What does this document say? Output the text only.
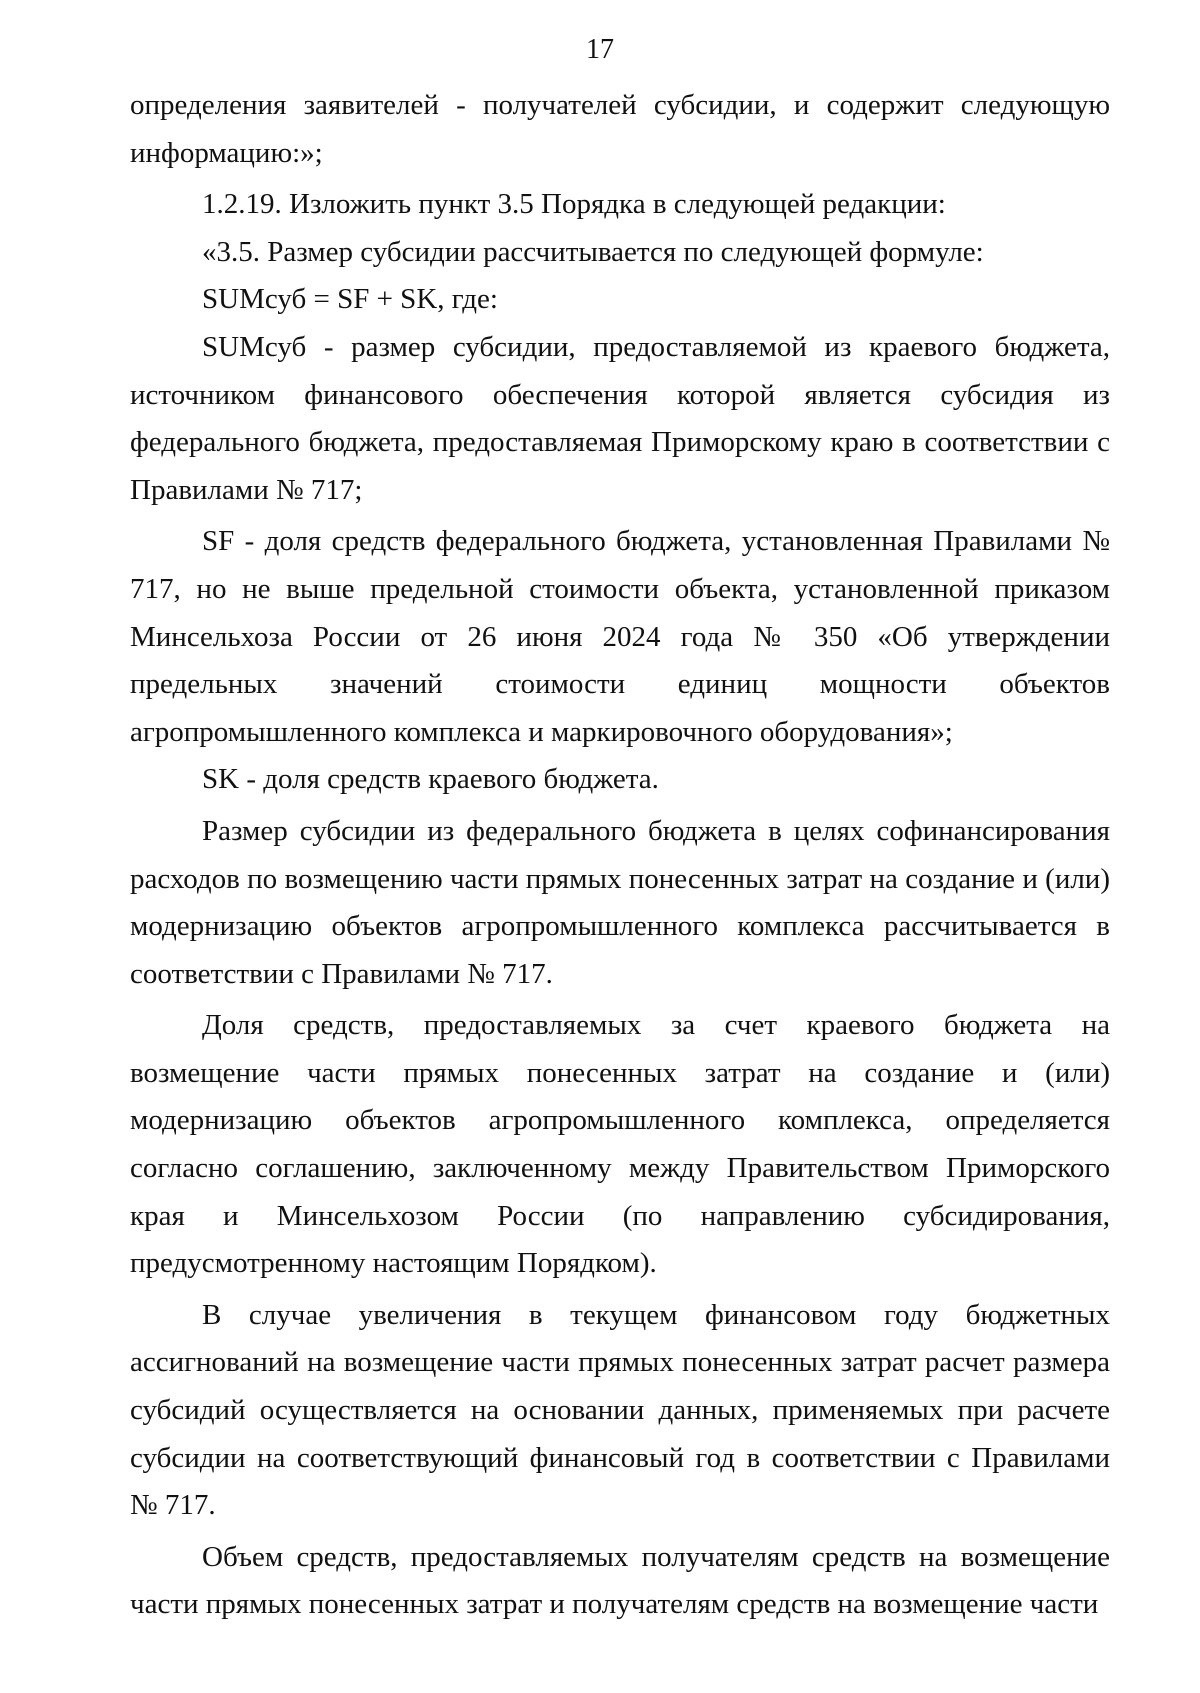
17

определения заявителей - получателей субсидии, и содержит следующую информацию:»;

1.2.19. Изложить пункт 3.5 Порядка в следующей редакции:

«3.5. Размер субсидии рассчитывается по следующей формуле:

SUMсуб = SF + SK, где:

SUMсуб - размер субсидии, предоставляемой из краевого бюджета, источником финансового обеспечения которой является субсидия из федерального бюджета, предоставляемая Приморскому краю в соответствии с Правилами № 717;

SF - доля средств федерального бюджета, установленная Правилами № 717, но не выше предельной стоимости объекта, установленной приказом Минсельхоза России от 26 июня 2024 года № 350 «Об утверждении предельных значений стоимости единиц мощности объектов агропромышленного комплекса и маркировочного оборудования»;

SK - доля средств краевого бюджета.

Размер субсидии из федерального бюджета в целях софинансирования расходов по возмещению части прямых понесенных затрат на создание и (или) модернизацию объектов агропромышленного комплекса рассчитывается в соответствии с Правилами № 717.

Доля средств, предоставляемых за счет краевого бюджета на возмещение части прямых понесенных затрат на создание и (или) модернизацию объектов агропромышленного комплекса, определяется согласно соглашению, заключенному между Правительством Приморского края и Минсельхозом России (по направлению субсидирования, предусмотренному настоящим Порядком).

В случае увеличения в текущем финансовом году бюджетных ассигнований на возмещение части прямых понесенных затрат расчет размера субсидий осуществляется на основании данных, применяемых при расчете субсидии на соответствующий финансовый год в соответствии с Правилами № 717.

Объем средств, предоставляемых получателям средств на возмещение части прямых понесенных затрат и получателям средств на возмещение части
